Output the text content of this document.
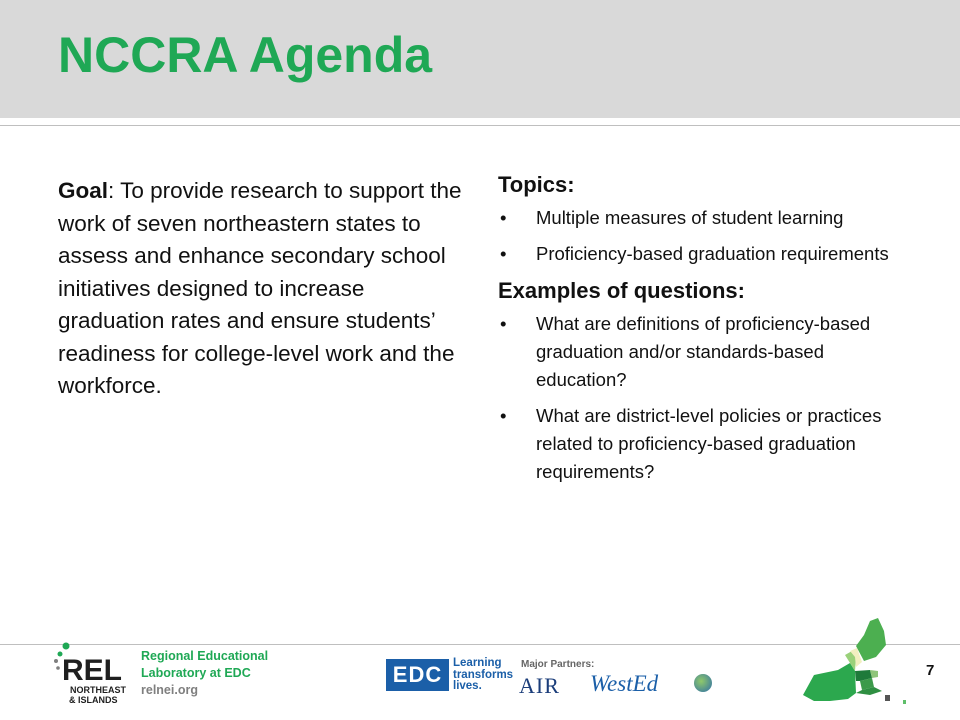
NCCRA Agenda
Goal: To provide research to support the work of seven northeastern states to assess and enhance secondary school initiatives designed to increase graduation rates and ensure students’ readiness for college-level work and the workforce.
Topics:
• Multiple measures of student learning
• Proficiency-based graduation requirements
Examples of questions:
• What are definitions of proficiency-based graduation and/or standards-based education?
• What are district-level policies or practices related to proficiency-based graduation requirements?
REL
NORTHEAST
& ISLANDS
Regional Educational
Laboratory at EDC
relnei.org
EDC Learning
transforms
lives.
Major Partners:
AIR WestEd
7
